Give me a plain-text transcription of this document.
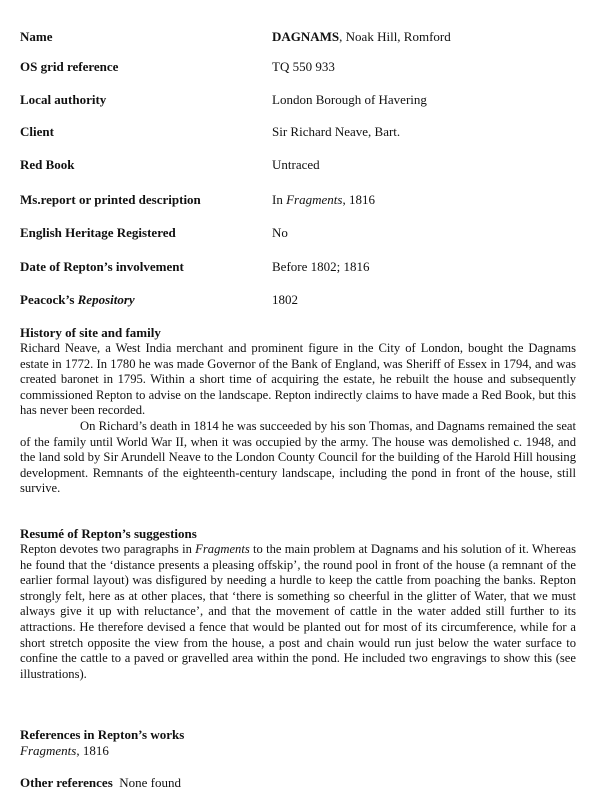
Name	DAGNAMS, Noak Hill, Romford
OS grid reference	TQ 550 933
Local authority	London Borough of Havering
Client	Sir Richard Neave, Bart.
Red Book	Untraced
Ms.report or printed description	In Fragments, 1816
English Heritage Registered	No
Date of Repton’s involvement	Before 1802; 1816
Peacock’s Repository	1802
History of site and family

Richard Neave, a West India merchant and prominent figure in the City of London, bought the Dagnams estate in 1772. In 1780 he was made Governor of the Bank of England, was Sheriff of Essex in 1794, and was created baronet in 1795. Within a short time of acquiring the estate, he rebuilt the house and subsequently commissioned Repton to advise on the landscape. Repton indirectly claims to have made a Red Book, but this has never been recorded.

On Richard’s death in 1814 he was succeeded by his son Thomas, and Dagnams remained the seat of the family until World War II, when it was occupied by the army. The house was demolished c. 1948, and the land sold by Sir Arundell Neave to the London County Council for the building of the Harold Hill housing development. Remnants of the eighteenth-century landscape, including the pond in front of the house, still survive.

Resumé of Repton’s suggestions

Repton devotes two paragraphs in Fragments to the main problem at Dagnams and his solution of it. Whereas he found that the ‘distance presents a pleasing offskip’, the round pool in front of the house (a remnant of the earlier formal layout) was disfigured by needing a hurdle to keep the cattle from poaching the banks. Repton strongly felt, here as at other places, that ‘there is something so cheerful in the glitter of Water, that we must always give it up with reluctance’, and that the movement of cattle in the water added still further to its attractions. He therefore devised a fence that would be planted out for most of its circumference, while for a short stretch opposite the view from the house, a post and chain would run just below the water surface to confine the cattle to a paved or gravelled area within the pond. He included two engravings to show this (see illustrations).

References in Repton’s works
Fragments, 1816
Other references None found
